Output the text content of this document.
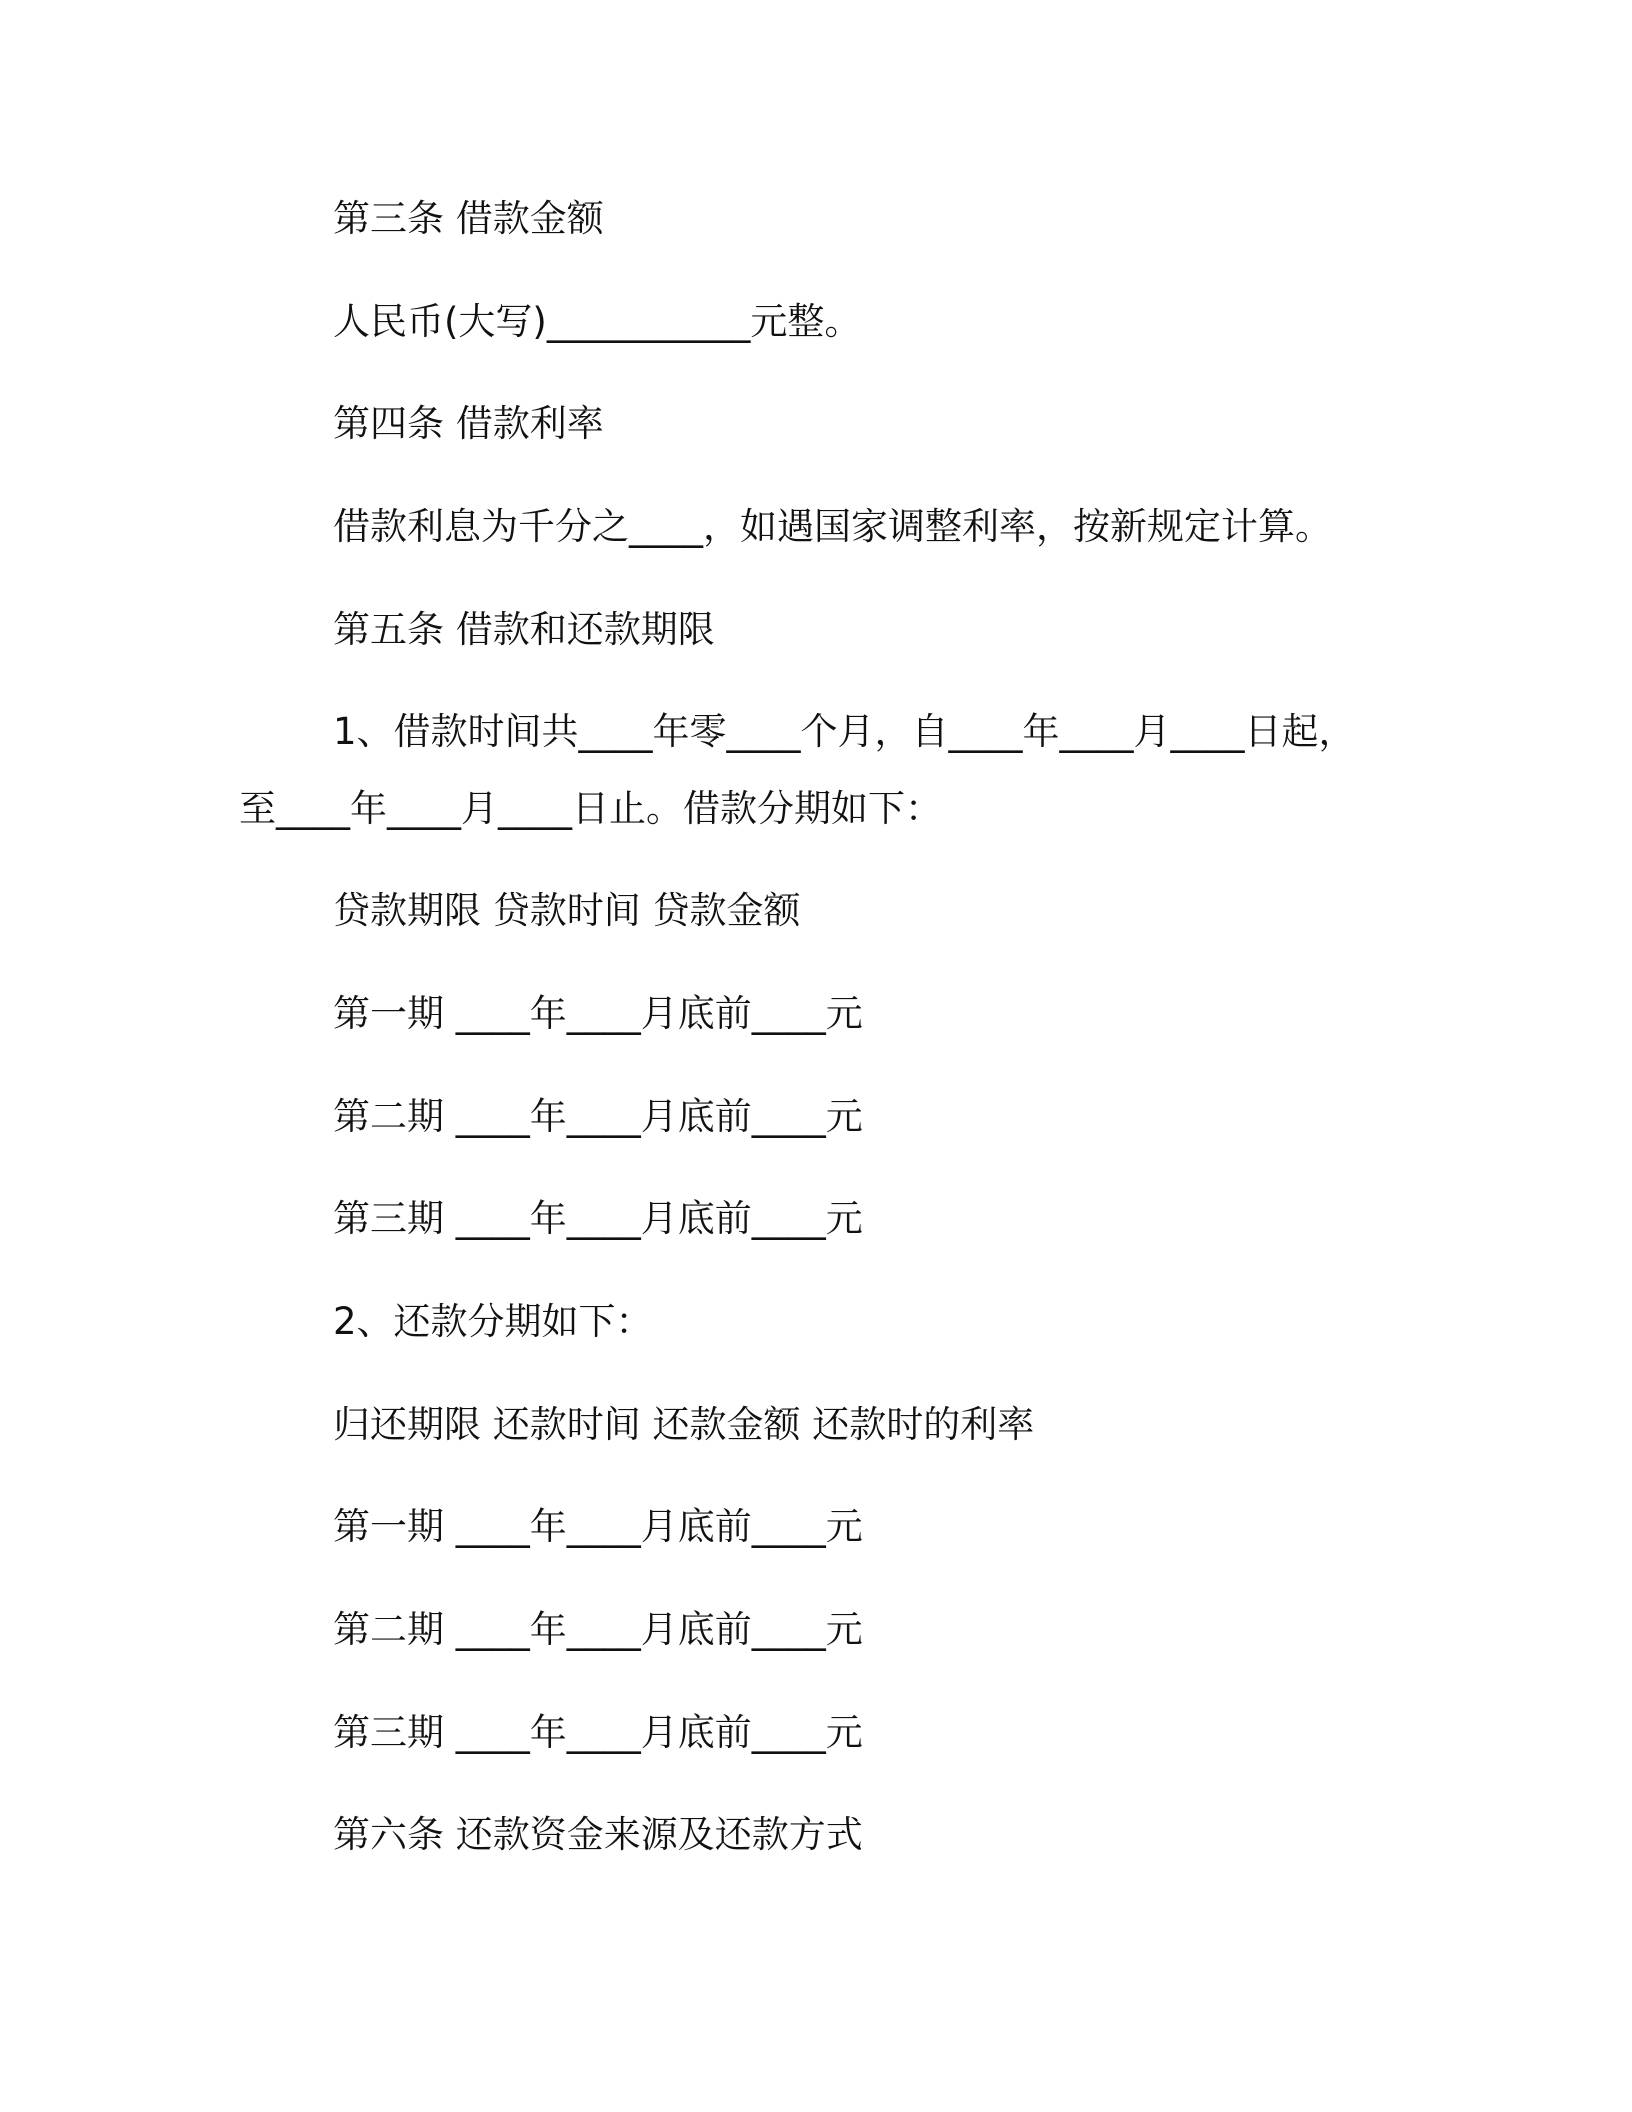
第三条 借款金额
人民币(大写)___________元整。
第四条 借款利率
借款利息为千分之____，如遇国家调整利率，按新规定计算。
第五条 借款和还款期限
1、借款时间共____年零____个月，自____年____月____日起，
至____年____月____日止。借款分期如下：
贷款期限 贷款时间 贷款金额
第一期 ____年____月底前____元
第二期 ____年____月底前____元
第三期 ____年____月底前____元
2、还款分期如下：
归还期限 还款时间 还款金额 还款时的利率
第一期 ____年____月底前____元
第二期 ____年____月底前____元
第三期 ____年____月底前____元
第六条 还款资金来源及还款方式
